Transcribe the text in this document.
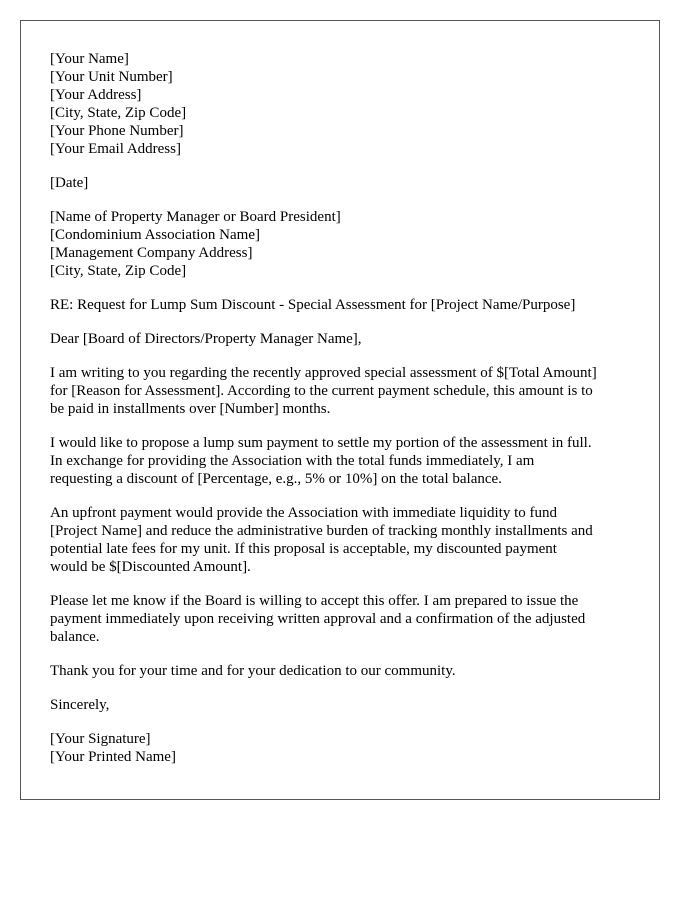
[Your Name]
[Your Unit Number]
[Your Address]
[City, State, Zip Code]
[Your Phone Number]
[Your Email Address]
[Date]
[Name of Property Manager or Board President]
[Condominium Association Name]
[Management Company Address]
[City, State, Zip Code]
RE: Request for Lump Sum Discount - Special Assessment for [Project Name/Purpose]
Dear [Board of Directors/Property Manager Name],
I am writing to you regarding the recently approved special assessment of $[Total Amount]
for [Reason for Assessment]. According to the current payment schedule, this amount is to
be paid in installments over [Number] months.
I would like to propose a lump sum payment to settle my portion of the assessment in full.
In exchange for providing the Association with the total funds immediately, I am
requesting a discount of [Percentage, e.g., 5% or 10%] on the total balance.
An upfront payment would provide the Association with immediate liquidity to fund
[Project Name] and reduce the administrative burden of tracking monthly installments and
potential late fees for my unit. If this proposal is acceptable, my discounted payment
would be $[Discounted Amount].
Please let me know if the Board is willing to accept this offer. I am prepared to issue the
payment immediately upon receiving written approval and a confirmation of the adjusted
balance.
Thank you for your time and for your dedication to our community.
Sincerely,
[Your Signature]
[Your Printed Name]
